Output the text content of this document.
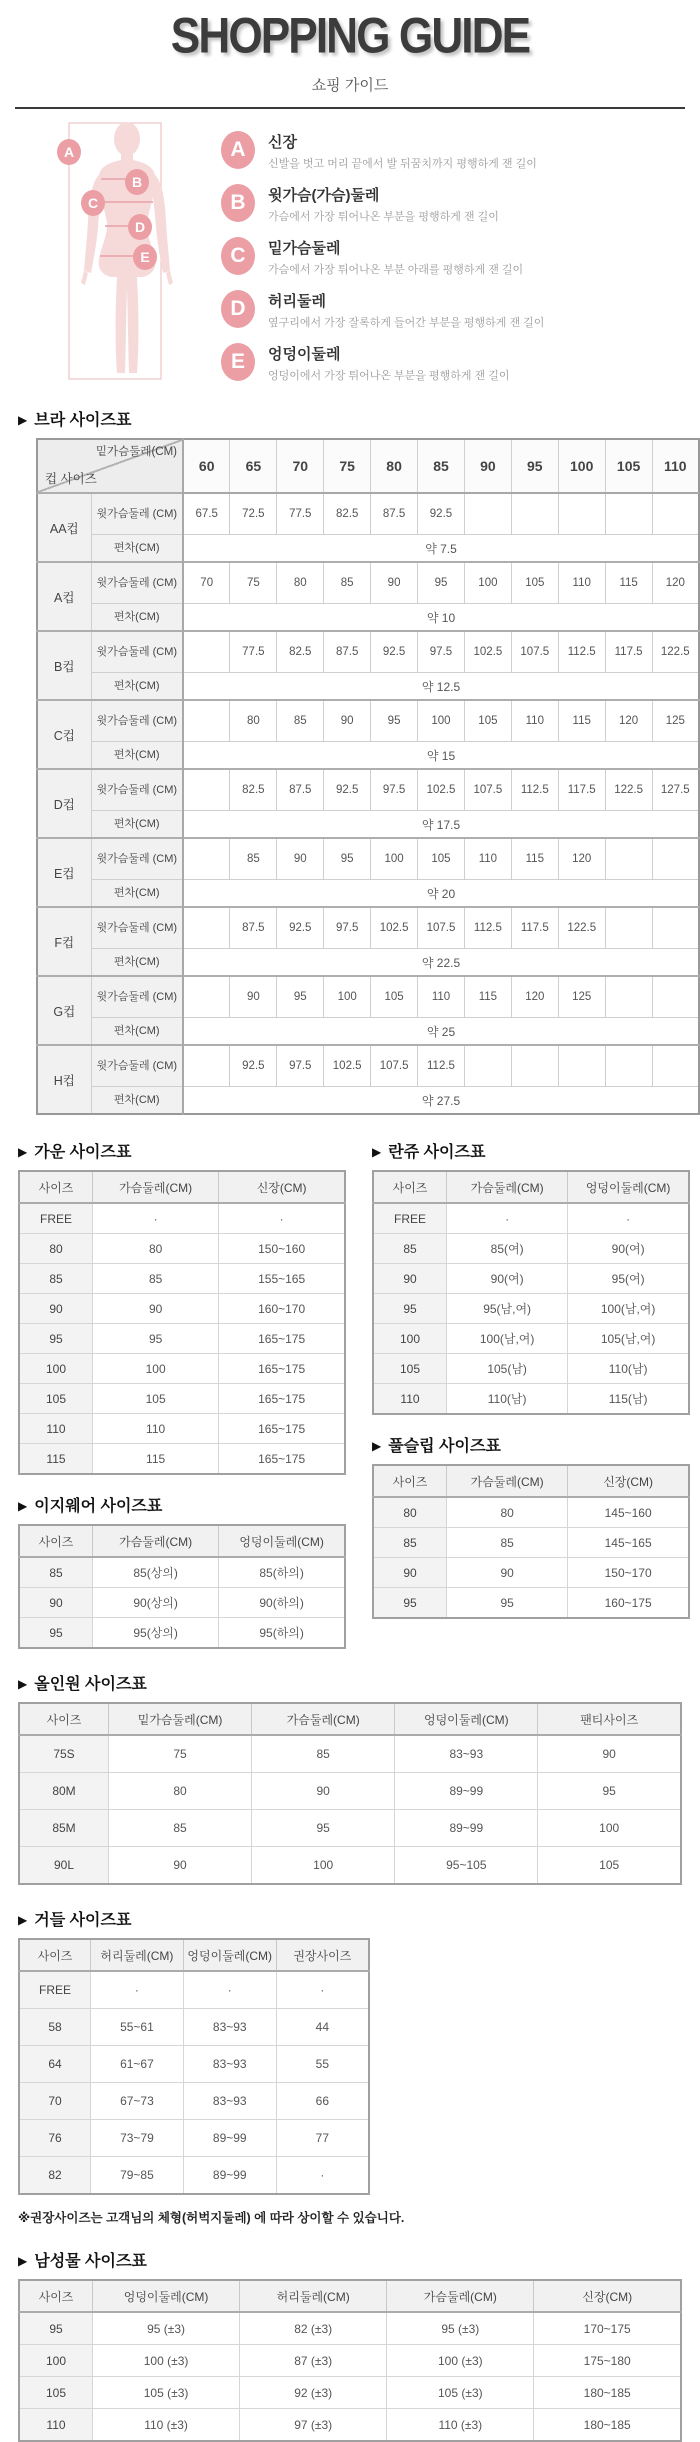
SHOPPING GUIDE
쇼핑 가이드
A
B
C
D
E
A	신장
신발을 벗고 머리 끝에서 발 뒤꿈치까지 평행하게 잰 길이
B	윗가슴(가슴)둘레
가슴에서 가장 튀어나온 부분을 평행하게 잰 길이
C	밑가슴둘레
가슴에서 가장 튀어나온 부분 아래를 평행하게 잰 길이
D	허리둘레
옆구리에서 가장 잘록하게 들어간 부분을 평행하게 잰 길이
E	엉덩이둘레
엉덩이에서 가장 튀어나온 부분을 평행하게 잰 길이
▶ 브라 사이즈표
밑가슴둘레(CM)
컵 사이즈		60	65	70	75	80	85	90	95	100	105	110
AA컵	윗가슴둘레 (CM)	67.5	72.5	77.5	82.5	87.5	92.5					
	편차(CM)	약 7.5										
A컵	윗가슴둘레 (CM)	70	75	80	85	90	95	100	105	110	115	120
	편차(CM)	약 10										
B컵	윗가슴둘레 (CM)		77.5	82.5	87.5	92.5	97.5	102.5	107.5	112.5	117.5	122.5
	편차(CM)	약 12.5										
C컵	윗가슴둘레 (CM)		80	85	90	95	100	105	110	115	120	125
	편차(CM)	약 15										
D컵	윗가슴둘레 (CM)		82.5	87.5	92.5	97.5	102.5	107.5	112.5	117.5	122.5	127.5
	편차(CM)	약 17.5										
E컵	윗가슴둘레 (CM)		85	90	95	100	105	110	115	120		
	편차(CM)	약 20										
F컵	윗가슴둘레 (CM)		87.5	92.5	97.5	102.5	107.5	112.5	117.5	122.5		
	편차(CM)	약 22.5										
G컵	윗가슴둘레 (CM)		90	95	100	105	110	115	120	125		
	편차(CM)	약 25										
H컵	윗가슴둘레 (CM)		92.5	97.5	102.5	107.5	112.5					
	편차(CM)	약 27.5										
▶ 가운 사이즈표
사이즈	가슴둘레(CM)	신장(CM)
FREE	·	·
80	80	150~160
85	85	155~165
90	90	160~170
95	95	165~175
100	100	165~175
105	105	165~175
110	110	165~175
115	115	165~175
▶ 이지웨어 사이즈표
사이즈	가슴둘레(CM)	엉덩이둘레(CM)
85	85(상의)	85(하의)
90	90(상의)	90(하의)
95	95(상의)	95(하의)
▶ 란쥬 사이즈표
사이즈	가슴둘레(CM)	엉덩이둘레(CM)
FREE	·	·
85	85(여)	90(여)
90	90(여)	95(여)
95	95(남,여)	100(남,여)
100	100(남,여)	105(남,여)
105	105(남)	110(남)
110	110(남)	115(남)
▶ 풀슬립 사이즈표
사이즈	가슴둘레(CM)	신장(CM)
80	80	145~160
85	85	145~165
90	90	150~170
95	95	160~175
▶ 올인원 사이즈표
사이즈	밑가슴둘레(CM)	가슴둘레(CM)	엉덩이둘레(CM)	팬티사이즈
75S	75	85	83~93	90
80M	80	90	89~99	95
85M	85	95	89~99	100
90L	90	100	95~105	105
▶ 거들 사이즈표
사이즈	허리둘레(CM)	엉덩이둘레(CM)	권장사이즈
FREE	·	·	·
58	55~61	83~93	44
64	61~67	83~93	55
70	67~73	83~93	66
76	73~79	89~99	77
82	79~85	89~99	·
※권장사이즈는 고객님의 체형(허벅지둘레) 에 따라 상이할 수 있습니다.
▶ 남성물 사이즈표
사이즈	엉덩이둘레(CM)	허리둘레(CM)	가슴둘레(CM)	신장(CM)
95	95 (±3)	82 (±3)	95 (±3)	170~175
100	100 (±3)	87 (±3)	100 (±3)	175~180
105	105 (±3)	92 (±3)	105 (±3)	180~185
110	110 (±3)	97 (±3)	110 (±3)	180~185
